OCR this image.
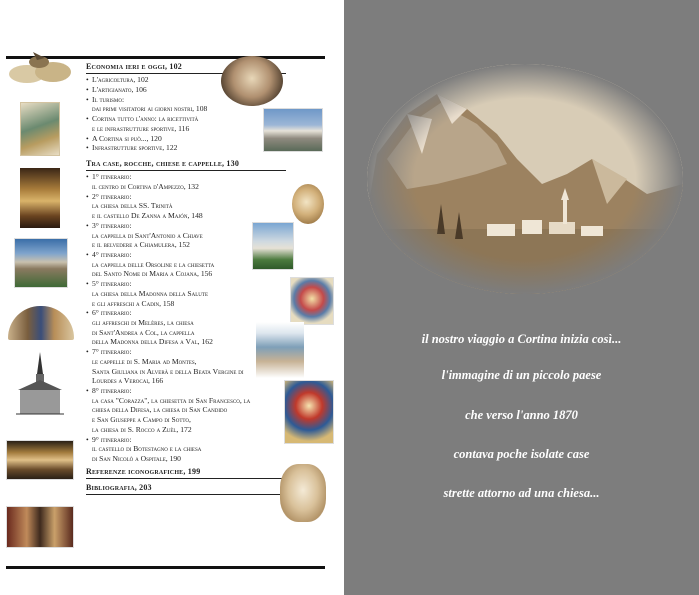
Economia ieri e oggi, 102
• L'agricoltura, 102
• L'artigianato, 106
• Il turismo:
dai primi visitatori ai giorni nostri, 108
• Cortina tutto l'anno: la ricettività
e le infrastrutture sportive, 116
• A Cortina si può..., 120
• Infrastrutture sportive, 122
Tra case, rocche, chiese e cappelle, 130
• 1° itinerario:
il centro di Cortina d'Ampezzo, 132
• 2° itinerario:
la chiesa della SS. Trinità
e il castello De Zanna a Majón, 148
• 3° itinerario:
la cappella di Sant'Antonio a Chiave
e il belvedere a Chiamulera, 152
• 4° itinerario:
la cappella delle Orsoline e la chiesetta
del Santo Nome di Maria a Cojana, 156
• 5° itinerario:
la chiesa della Madonna della Salute
e gli affreschi a Cadin, 158
• 6° itinerario:
gli affreschi di Melères, la chiesa
di Sant'Andrea a Col, la cappella
della Madonna della Difesa a Val, 162
• 7° itinerario:
le cappelle di S. Maria ad Montes,
Santa Giuliana in Alverà e della Beata Vergine di
Lourdes a Verocai, 166
• 8° itinerario:
la casa "Corazza", la chiesetta di San Francesco, la
chiesa della Difesa, la chiesa di San Candido
e San Giuseppe a Campo di Sotto,
la chiesa di S. Rocco a Zuèl, 172
• 9° itinerario:
il castello di Botestagno e la chiesa
di San Nicolò a Ospitale, 190
Referenze iconografiche, 199
Bibliografia, 203
il nostro viaggio a Cortina inizia così...
l'immagine di un piccolo paese
che verso l'anno 1870
contava poche isolate case
strette attorno ad una chiesa...
